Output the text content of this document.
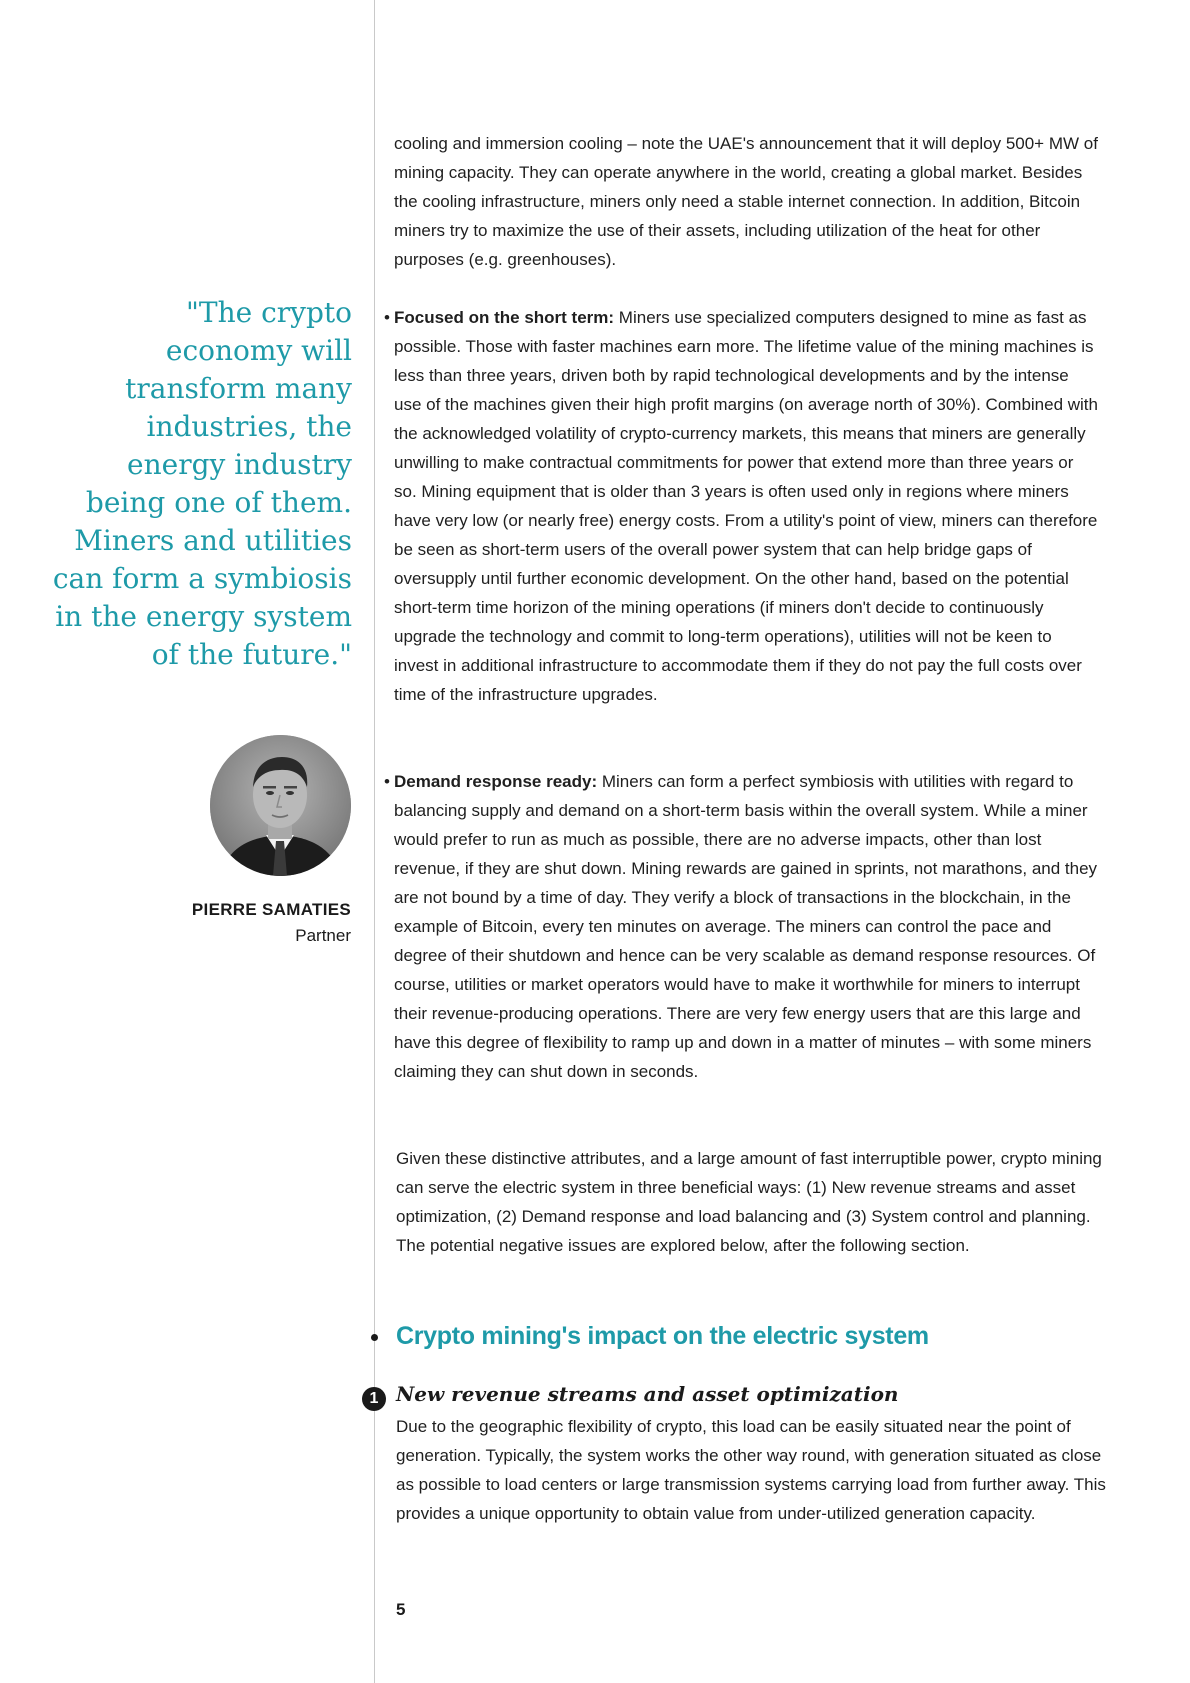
"The crypto economy will transform many industries, the energy industry being one of them. Miners and utilities can form a symbiosis in the energy system of the future."

PIERRE SAMATIES
Partner

cooling and immersion cooling – note the UAE's announcement that it will deploy 500+ MW of mining capacity. They can operate anywhere in the world, creating a global market. Besides the cooling infrastructure, miners only need a stable internet connection. In addition, Bitcoin miners try to maximize the use of their assets, including utilization of the heat for other purposes (e.g. greenhouses).

• Focused on the short term: Miners use specialized computers designed to mine as fast as possible. Those with faster machines earn more. The lifetime value of the mining machines is less than three years, driven both by rapid technological developments and by the intense use of the machines given their high profit margins (on average north of 30%). Combined with the acknowledged volatility of crypto-currency markets, this means that miners are generally unwilling to make contractual commitments for power that extend more than three years or so. Mining equipment that is older than 3 years is often used only in regions where miners have very low (or nearly free) energy costs. From a utility's point of view, miners can therefore be seen as short-term users of the overall power system that can help bridge gaps of oversupply until further economic development. On the other hand, based on the potential short-term time horizon of the mining operations (if miners don't decide to continuously upgrade the technology and commit to long-term operations), utilities will not be keen to invest in additional infrastructure to accommodate them if they do not pay the full costs over time of the infrastructure upgrades.

• Demand response ready: Miners can form a perfect symbiosis with utilities with regard to balancing supply and demand on a short-term basis within the overall system. While a miner would prefer to run as much as possible, there are no adverse impacts, other than lost revenue, if they are shut down. Mining rewards are gained in sprints, not marathons, and they are not bound by a time of day. They verify a block of transactions in the blockchain, in the example of Bitcoin, every ten minutes on average. The miners can control the pace and degree of their shutdown and hence can be very scalable as demand response resources. Of course, utilities or market operators would have to make it worthwhile for miners to interrupt their revenue-producing operations. There are very few energy users that are this large and have this degree of flexibility to ramp up and down in a matter of minutes – with some miners claiming they can shut down in seconds.

Given these distinctive attributes, and a large amount of fast interruptible power, crypto mining can serve the electric system in three beneficial ways: (1) New revenue streams and asset optimization, (2) Demand response and load balancing and (3) System control and planning. The potential negative issues are explored below, after the following section.

Crypto mining's impact on the electric system
1 New revenue streams and asset optimization

Due to the geographic flexibility of crypto, this load can be easily situated near the point of generation. Typically, the system works the other way round, with generation situated as close as possible to load centers or large transmission systems carrying load from further away. This provides a unique opportunity to obtain value from under-utilized generation capacity.

5
